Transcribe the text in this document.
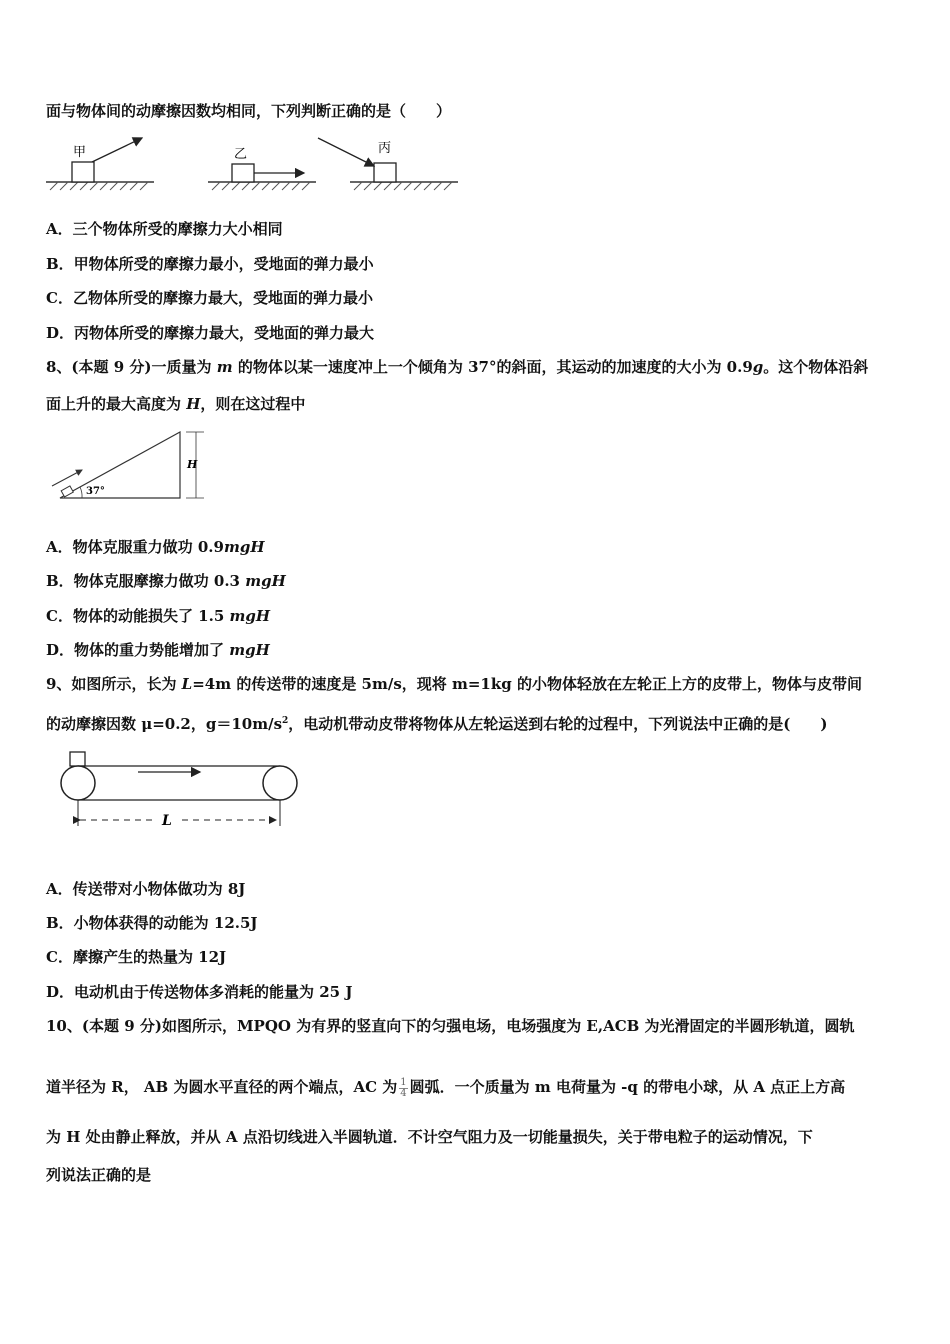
面与物体间的动摩擦因数均相同，下列判断正确的是（　　）
甲	乙	丙
A．三个物体所受的摩擦力大小相同
B．甲物体所受的摩擦力最小，受地面的弹力最小
C．乙物体所受的摩擦力最大，受地面的弹力最小
D．丙物体所受的摩擦力最大，受地面的弹力最大
8、(本题 9 分)一质量为 m 的物体以某一速度冲上一个倾角为 37°的斜面，其运动的加速度的大小为 0.9g。这个物体沿斜
面上升的最大高度为 H，则在这过程中
37°
H
A．物体克服重力做功 0.9mgH
B．物体克服摩擦力做功 0.3 mgH
C．物体的动能损失了 1.5 mgH
D．物体的重力势能增加了 mgH
9、如图所示，长为 L=4m 的传送带的速度是 5m/s，现将 m=1kg 的小物体轻放在左轮正上方的皮带上，物体与皮带间
的动摩擦因数 μ=0.2，$g=10m/s^2$，电动机带动皮带将物体从左轮运送到右轮的过程中，下列说法中正确的是(　　)
L
A．传送带对小物体做功为 8J
B．小物体获得的动能为 12.5J
C．摩擦产生的热量为 12J
D．电动机由于传送物体多消耗的能量为 25 J
10、(本题 9 分)如图所示，MPQO 为有界的竖直向下的匀强电场，电场强度为 E,ACB 为光滑固定的半圆形轨道，圆轨
道半径为 R， AB 为圆水平直径的两个端点，AC 为 $\frac{1}{4}$ 圆弧．一个质量为 m 电荷量为 -q 的带电小球，从 A 点正上方高
为 H 处由静止释放，并从 A 点沿切线进入半圆轨道．不计空气阻力及一切能量损失，关于带电粒子的运动情况，下
列说法正确的是
